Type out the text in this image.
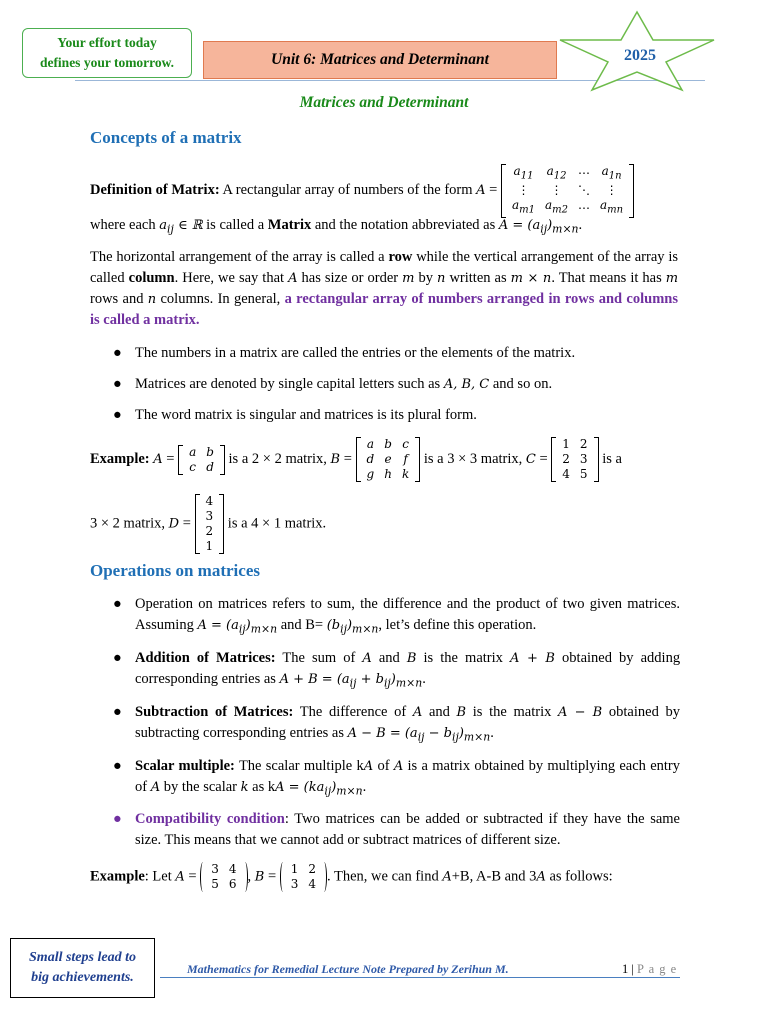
Your effort today
defines your tomorrow.	Unit 6: Matrices and Determinant	2025
Matrices and Determinant
Concepts of a matrix
Definition of Matrix: A rectangular array of numbers of the form A =
$a_{11}$	$a_{12}$	⋯	$a_{1n}$
⋮	⋮	⋱	⋮
$a_{m1}$	$a_{m2}$	⋯	$a_{mn}$
where each $a_{ij}$ ∈ ℝ is called a Matrix and the notation abbreviated as $A = (a_{ij})_{m\times n}$.
The horizontal arrangement of the array is called a row while the vertical arrangement of the array is called column. Here, we say that A has size or order m by n written as m × n. That means it has m rows and n columns. In general, a rectangular array of numbers arranged in rows and columns is called a matrix.
● The numbers in a matrix are called the entries or the elements of the matrix.
● Matrices are denoted by single capital letters such as A, B, C and so on.
● The word matrix is singular and matrices is its plural form.
Example: A = a	b
c	d is a 2 × 2 matrix, B =
a	b	c
d	e	f
g	h	k
is a 3 × 3 matrix, C =
1	2
2	3
4	5
is a
3 × 2 matrix, D =
4
3
2
1
is a 4 × 1 matrix.
Operations on matrices
● Operation on matrices refers to sum, the difference and the product of two given matrices. Assuming $A = (a_{ij})_{m\times n}$ and $B= (b_{ij})_{m\times n}$, let’s define this operation.
● Addition of Matrices: The sum of A and B is the matrix A + B obtained by adding corresponding entries as $A + B = (a_{ij} + b_{ij})_{m\times n}$.
● Subtraction of Matrices: The difference of A and B is the matrix A − B obtained by subtracting corresponding entries as $A - B = (a_{ij} - b_{ij})_{m\times n}$.
● Scalar multiple: The scalar multiple kA of A is a matrix obtained by multiplying each entry of A by the scalar k as kA = $(ka_{ij})_{m\times n}$.
● Compatibility condition: Two matrices can be added or subtracted if they have the same size. This means that we cannot add or subtract matrices of different size.
Example: Let A = 3	4
5	6 , B = 1	2
3	4 . Then, we can find A+B, A-B and 3A as follows:
Small steps lead to
big achievements.
Mathematics for Remedial Lecture Note Prepared by Zerihun M.	1 | P a g e
